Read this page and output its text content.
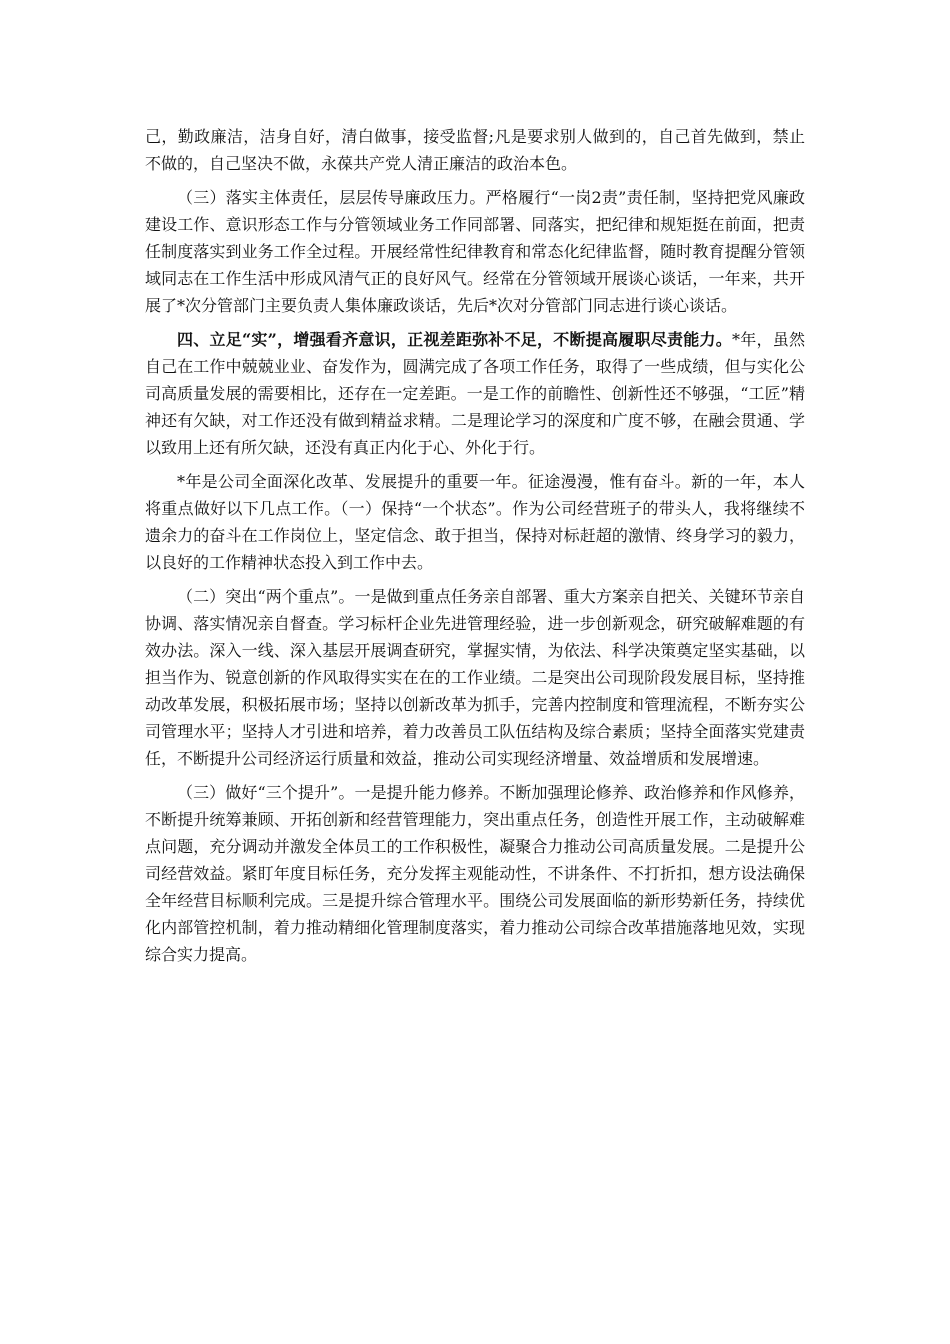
己，勤政廉洁，洁身自好，清白做事，接受监督;凡是要求别人做到的，自己首先做到，禁止不做的，自己坚决不做，永葆共产党人清正廉洁的政治本色。

（三）落实主体责任，层层传导廉政压力。严格履行“一岗2责”责任制，坚持把党风廉政建设工作、意识形态工作与分管领域业务工作同部署、同落实，把纪律和规矩挺在前面，把责任制度落实到业务工作全过程。开展经常性纪律教育和常态化纪律监督，随时教育提醒分管领域同志在工作生活中形成风清气正的良好风气。经常在分管领域开展谈心谈话，一年来，共开展了*次分管部门主要负责人集体廉政谈话，先后*次对分管部门同志进行谈心谈话。

四、立足“实”，增强看齐意识，正视差距弥补不足，不断提高履职尽责能力。*年，虽然自己在工作中兢兢业业、奋发作为，圆满完成了各项工作任务，取得了一些成绩，但与实化公司高质量发展的需要相比，还存在一定差距。一是工作的前瞻性、创新性还不够强，“工匠”精神还有欠缺，对工作还没有做到精益求精。二是理论学习的深度和广度不够，在融会贯通、学以致用上还有所欠缺，还没有真正内化于心、外化于行。

*年是公司全面深化改革、发展提升的重要一年。征途漫漫，惟有奋斗。新的一年，本人将重点做好以下几点工作。（一）保持“一个状态”。作为公司经营班子的带头人，我将继续不遗余力的奋斗在工作岗位上，坚定信念、敢于担当，保持对标赶超的激情、终身学习的毅力，以良好的工作精神状态投入到工作中去。

（二）突出“两个重点”。一是做到重点任务亲自部署、重大方案亲自把关、关键环节亲自协调、落实情况亲自督查。学习标杆企业先进管理经验，进一步创新观念，研究破解难题的有效办法。深入一线、深入基层开展调查研究，掌握实情，为依法、科学决策奠定坚实基础，以担当作为、锐意创新的作风取得实实在在的工作业绩。二是突出公司现阶段发展目标，坚持推动改革发展，积极拓展市场；坚持以创新改革为抓手，完善内控制度和管理流程，不断夯实公司管理水平；坚持人才引进和培养，着力改善员工队伍结构及综合素质；坚持全面落实党建责任，不断提升公司经济运行质量和效益，推动公司实现经济增量、效益增质和发展增速。

（三）做好“三个提升”。一是提升能力修养。不断加强理论修养、政治修养和作风修养，不断提升统筹兼顾、开拓创新和经营管理能力，突出重点任务，创造性开展工作，主动破解难点问题，充分调动并激发全体员工的工作积极性，凝聚合力推动公司高质量发展。二是提升公司经营效益。紧盯年度目标任务，充分发挥主观能动性，不讲条件、不打折扣，想方设法确保全年经营目标顺利完成。三是提升综合管理水平。围绕公司发展面临的新形势新任务，持续优化内部管控机制，着力推动精细化管理制度落实，着力推动公司综合改革措施落地见效，实现综合实力提高。
